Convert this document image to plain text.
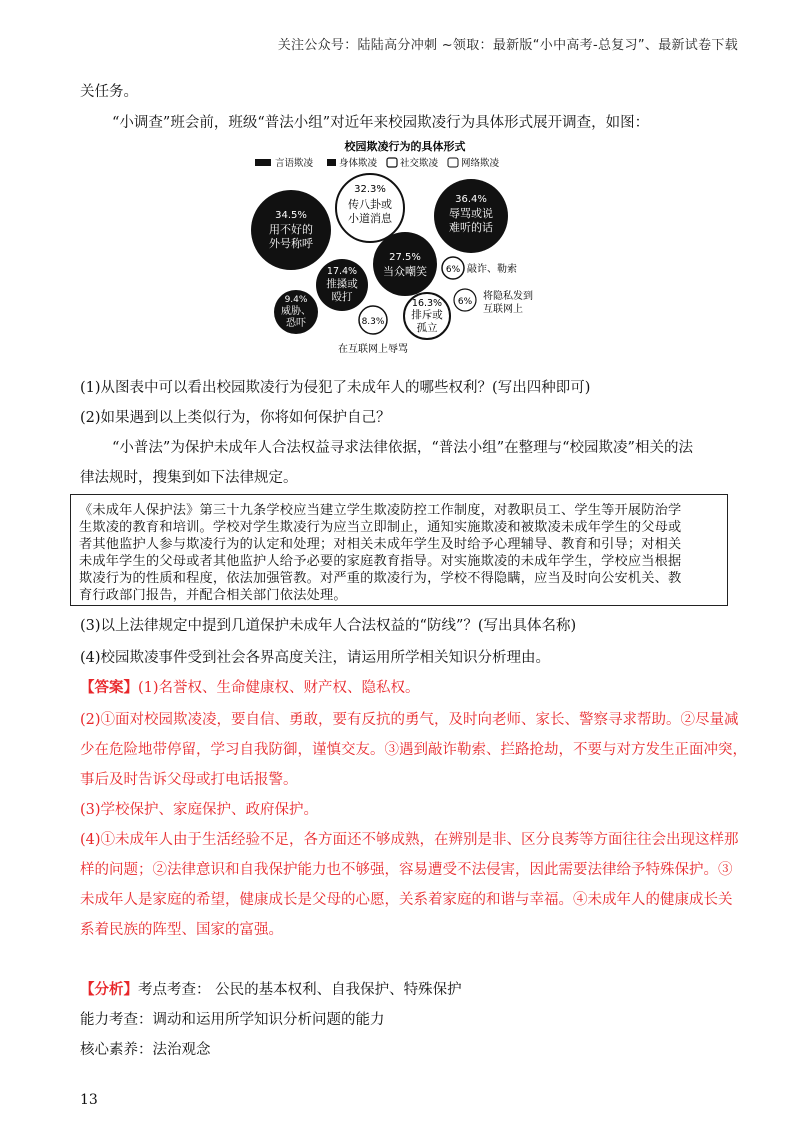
关注公众号：陆陆高分冲刺 ~领取：最新版“小中高考-总复习”、最新试卷下载
关任务。
“小调查”班会前，班级“普法小组”对近年来校园欺凌行为具体形式展开调查，如图：
校园欺凌行为的具体形式
言语欺凌	身体欺凌 社交欺凌 网络欺凌
34.5%
用不好的
外号称呼
32.3%
传八卦或
小道消息
36.4%
辱骂或说
难听的话
17.4%
推搡或
殴打
27.5%
当众嘲笑
9.4%
威胁、
恐吓	8.3%
16.3%
排斥或
孤立
6% 敲诈、勒索
6% 将隐私发到
互联网上
在互联网上辱骂
(1)从图表中可以看出校园欺凌行为侵犯了未成年人的哪些权利？(写出四种即可)
(2)如果遇到以上类似行为，你将如何保护自己？
“小普法”为保护未成年人合法权益寻求法律依据，“普法小组”在整理与“校园欺凌”相关的法
律法规时，搜集到如下法律规定。
《未成年人保护法》第三十九条学校应当建立学生欺凌防控工作制度，对教职员工、学生等开展防治学
生欺凌的教育和培训。学校对学生欺凌行为应当立即制止，通知实施欺凌和被欺凌未成年学生的父母或
者其他监护人参与欺凌行为的认定和处理；对相关未成年学生及时给予心理辅导、教育和引导；对相关
未成年学生的父母或者其他监护人给予必要的家庭教育指导。对实施欺凌的未成年学生，学校应当根据
欺凌行为的性质和程度，依法加强管教。对严重的欺凌行为，学校不得隐瞒，应当及时向公安机关、教
育行政部门报告，并配合相关部门依法处理。
(3)以上法律规定中提到几道保护未成年人合法权益的“防线”？(写出具体名称)
(4)校园欺凌事件受到社会各界高度关注，请运用所学相关知识分析理由。
【答案】(1)名誉权、生命健康权、财产权、隐私权。
(2)①面对校园欺凌凌，要自信、勇敢，要有反抗的勇气，及时向老师、家长、警察寻求帮助。②尽量减
少在危险地带停留，学习自我防御，谨慎交友。③遇到敲诈勒索、拦路抢劫，不要与对方发生正面冲突，
事后及时告诉父母或打电话报警。
(3)学校保护、家庭保护、政府保护。
(4)①未成年人由于生活经验不足，各方面还不够成熟，在辨别是非、区分良莠等方面往往会出现这样那
样的问题；②法律意识和自我保护能力也不够强，容易遭受不法侵害，因此需要法律给予特殊保护。③
未成年人是家庭的希望，健康成长是父母的心愿，关系着家庭的和谐与幸福。④未成年人的健康成长关
系着民族的阵型、国家的富强。
【分析】考点考查： 公民的基本权利、自我保护、特殊保护
能力考查：调动和运用所学知识分析问题的能力
核心素养：法治观念
13
